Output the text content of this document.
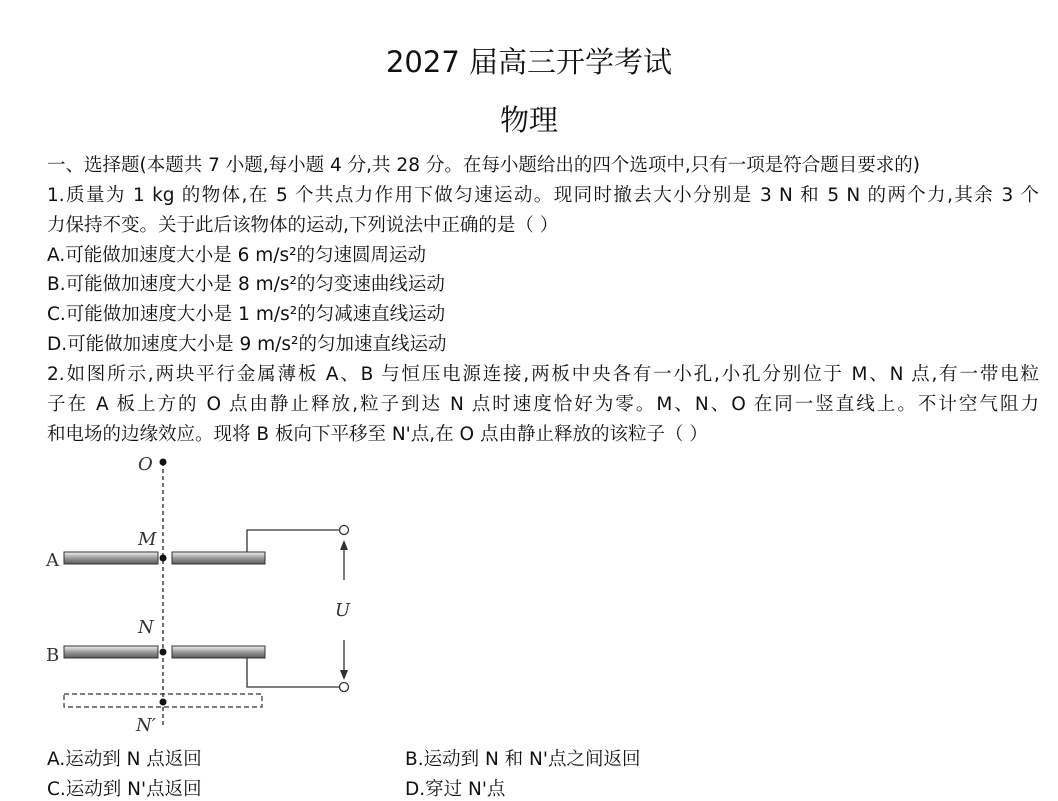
2027 届高三开学考试
物理
一、选择题(本题共 7 小题,每小题 4 分,共 28 分。在每小题给出的四个选项中,只有一项是符合题目要求的)
1.质量为 1 kg 的物体,在 5 个共点力作用下做匀速运动。现同时撤去大小分别是 3 N 和 5 N 的两个力,其余 3 个
力保持不变。关于此后该物体的运动,下列说法中正确的是（ ）
A.可能做加速度大小是 6 m/s²的匀速圆周运动
B.可能做加速度大小是 8 m/s²的匀变速曲线运动
C.可能做加速度大小是 1 m/s²的匀减速直线运动
D.可能做加速度大小是 9 m/s²的匀加速直线运动
2.如图所示,两块平行金属薄板 A、B 与恒压电源连接,两板中央各有一小孔,小孔分别位于 M、N 点,有一带电粒
子在 A 板上方的 O 点由静止释放,粒子到达 N 点时速度恰好为零。M、N、O 在同一竖直线上。不计空气阻力
和电场的边缘效应。现将 B 板向下平移至 N'点,在 O 点由静止释放的该粒子（ ）
O
M
N
N′
A
B
U
A.运动到 N 点返回	B.运动到 N 和 N'点之间返回
C.运动到 N'点返回	D.穿过 N'点
